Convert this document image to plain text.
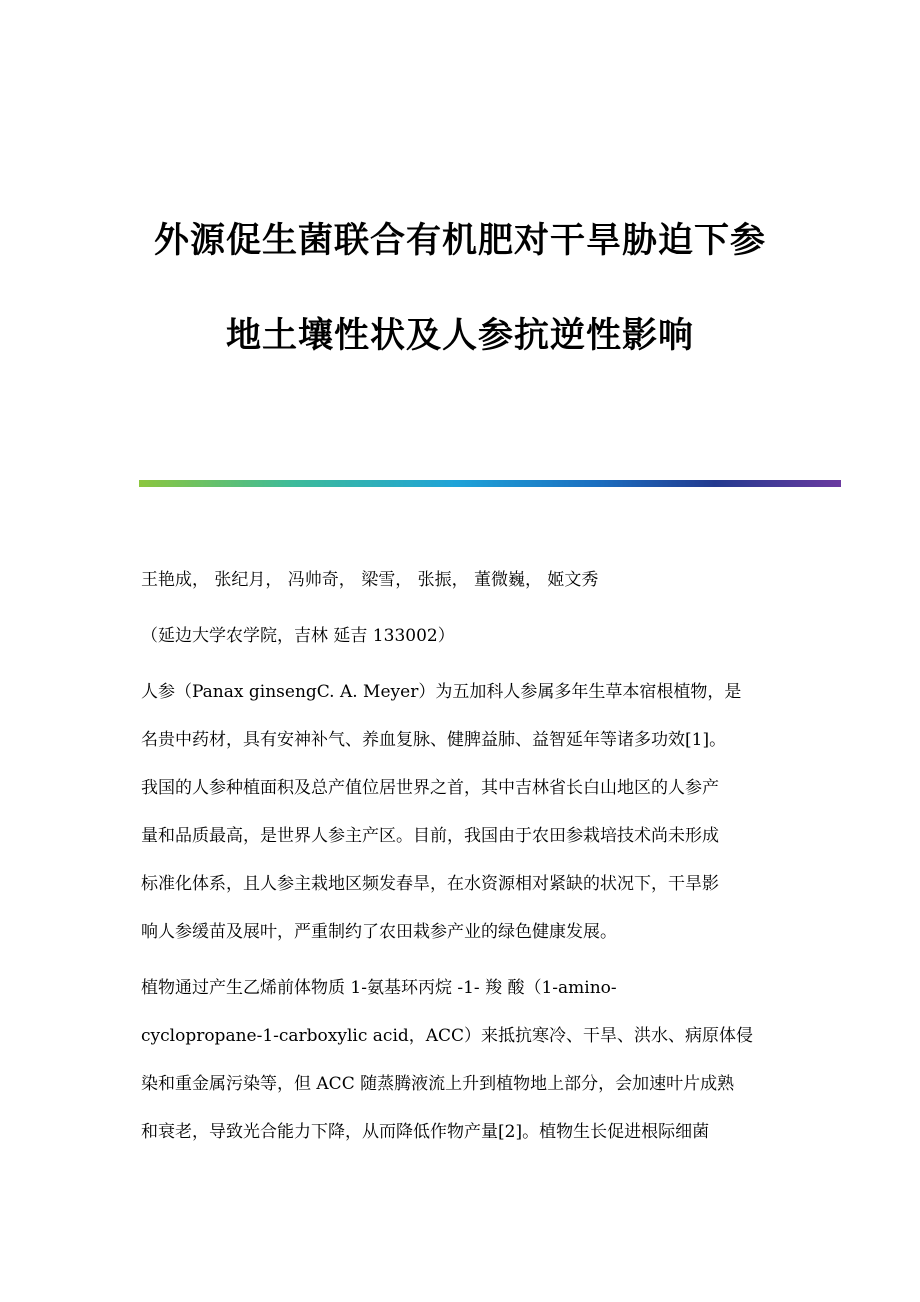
外源促生菌联合有机肥对干旱胁迫下参
地土壤性状及人参抗逆性影响
王艳成， 张纪月， 冯帅奇， 梁雪， 张振， 董微巍， 姬文秀
（延边大学农学院，吉林 延吉 133002）
人参（Panax ginsengC. A. Meyer）为五加科人参属多年生草本宿根植物，是
名贵中药材，具有安神补气、养血复脉、健脾益肺、益智延年等诸多功效[1]。
我国的人参种植面积及总产值位居世界之首，其中吉林省长白山地区的人参产
量和品质最高，是世界人参主产区。目前，我国由于农田参栽培技术尚未形成
标准化体系，且人参主栽地区频发春旱，在水资源相对紧缺的状况下，干旱影
响人参缓苗及展叶，严重制约了农田栽参产业的绿色健康发展。
植物通过产生乙烯前体物质 1-氨基环丙烷 -1- 羧 酸（1-amino-
cyclopropane-1-carboxylic acid，ACC）来抵抗寒冷、干旱、洪水、病原体侵
染和重金属污染等，但 ACC 随蒸腾液流上升到植物地上部分，会加速叶片成熟
和衰老，导致光合能力下降，从而降低作物产量[2]。植物生长促进根际细菌
